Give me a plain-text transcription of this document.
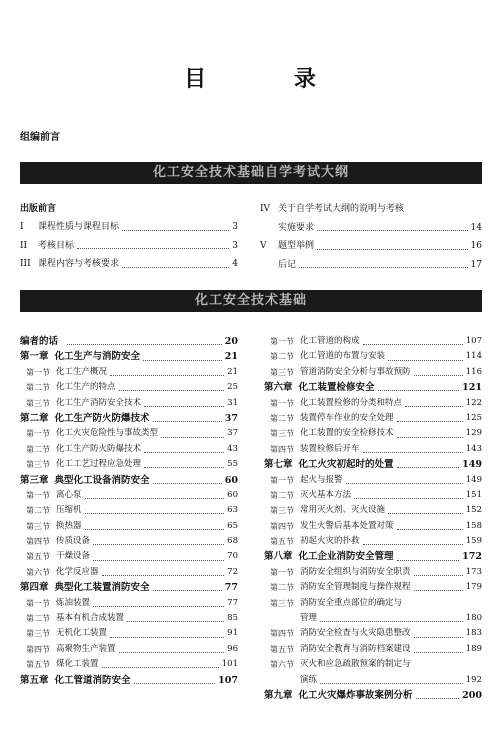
目 录
组编前言
化工安全技术基础自学考试大纲
出版前言
I	课程性质与课程目标	3
II	考核目标	3
III 课程内容与考核要求	4
IV 关于自学考试大纲的说明与考核
实施要求	14
V	题型举例	16
后记	17
化工安全技术基础
编者的话	20
第一章 化工生产与消防安全	21
第一节 化工生产概况	21
第二节 化工生产的特点	25
第三节 化工生产消防安全技术	31
第二章 化工生产防火防爆技术	37
第一节 化工火灾危险性与事故类型	37
第二节 化工生产防火防爆技术	43
第三节 化工工艺过程应急处理	55
第三章 典型化工设备消防安全	60
第一节 离心泵	60
第二节 压缩机	63
第三节 换热器	65
第四节 传质设备	68
第五节 干燥设备	70
第六节 化学反应器	72
第四章 典型化工装置消防安全	77
第一节 炼油装置	77
第二节 基本有机合成装置	85
第三节 无机化工装置	91
第四节 高聚物生产装置	96
第五节 煤化工装置	101
第五章 化工管道消防安全	107
第一节 化工管道的构成	107
第二节 化工管道的布置与安装	114
第三节 管道消防安全分析与事故预防	116
第六章 化工装置检修安全	121
第一节 化工装置检修的分类和特点	122
第二节 装置停车作业的安全处理	125
第三节 化工装置的安全检修技术	129
第四节 装置检修后开车	143
第七章 化工火灾初起时的处置	149
第一节 起火与报警	149
第二节 灭火基本方法	151
第三节 常用灭火剂、灭火设施	152
第四节 发生火警后基本处置对策	158
第五节 初起火灾的扑救	159
第八章 化工企业消防安全管理	172
第一节 消防安全组织与消防安全职责	173
第二节 消防安全管理制度与操作规程	179
第三节 消防安全重点部位的确定与
管理	180
第四节 消防安全检查与火灾隐患整改	183
第五节 消防安全教育与消防档案建设	189
第六节 灭火和应急疏散预案的制定与
演练	192
第九章 化工火灾爆炸事故案例分析	200
